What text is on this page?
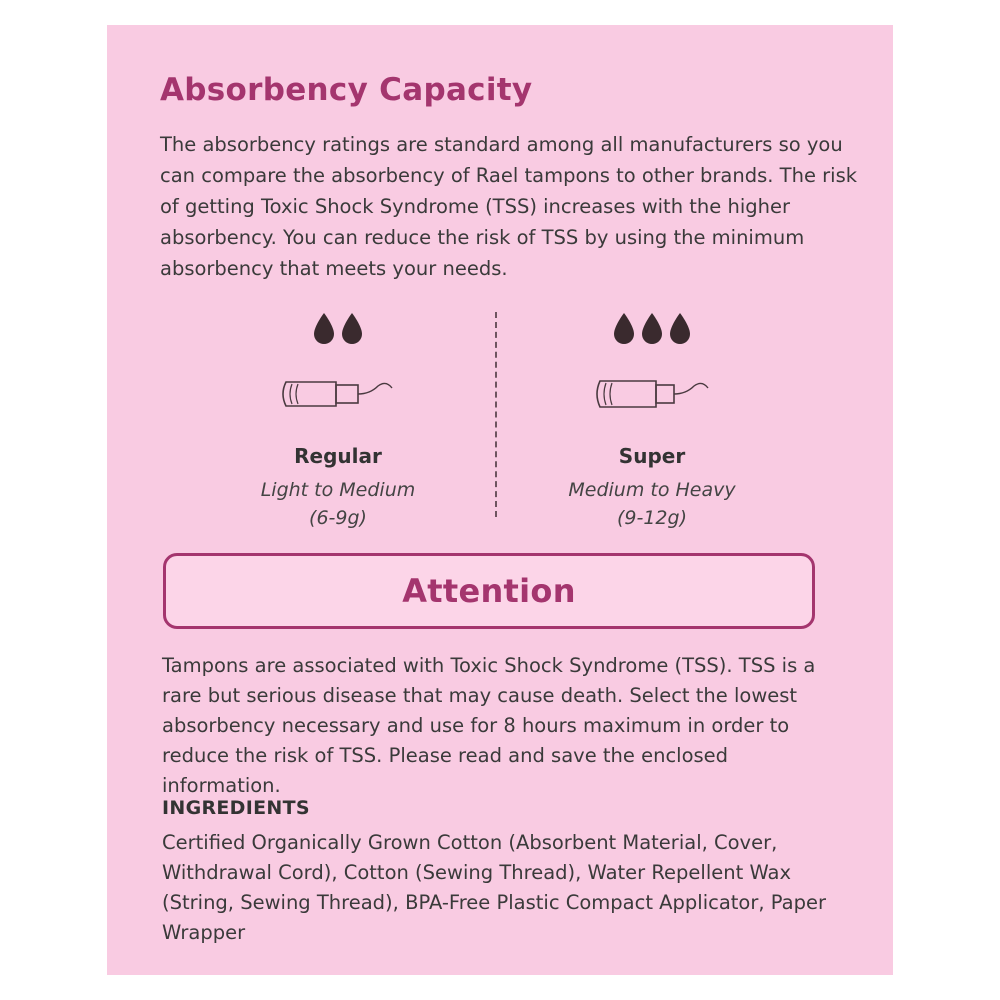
Absorbency Capacity

The absorbency ratings are standard among all manufacturers so you can compare the absorbency of Rael tampons to other brands. The risk of getting Toxic Shock Syndrome (TSS) increases with the higher absorbency. You can reduce the risk of TSS by using the minimum absorbency that meets your needs.

Regular
Light to Medium
(6-9g)
Super
Medium to Heavy
(9-12g)
Attention

Tampons are associated with Toxic Shock Syndrome (TSS). TSS is a rare but serious disease that may cause death. Select the lowest absorbency necessary and use for 8 hours maximum in order to reduce the risk of TSS. Please read and save the enclosed information.

INGREDIENTS

Certified Organically Grown Cotton (Absorbent Material, Cover, Withdrawal Cord), Cotton (Sewing Thread), Water Repellent Wax (String, Sewing Thread), BPA-Free Plastic Compact Applicator, Paper Wrapper
